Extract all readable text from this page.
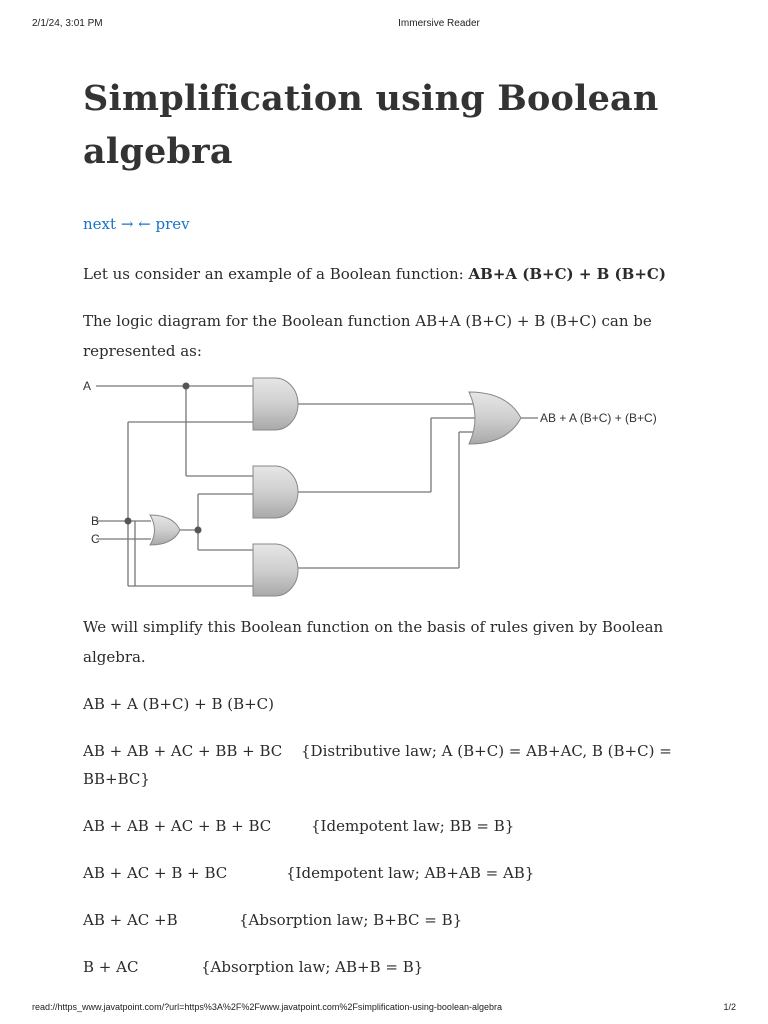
2/1/24, 3:01 PM	Immersive Reader
Simplification using Boolean algebra
next → ← prev

Let us consider an example of a Boolean function: AB+A (B+C) + B (B+C)

The logic diagram for the Boolean function AB+A (B+C) + B (B+C) can be represented as:

A
B
C
AB + A (B+C) + (B+C)

We will simplify this Boolean function on the basis of rules given by Boolean algebra.

AB + A (B+C) + B (B+C)
AB + AB + AC + BB + BC {Distributive law; A (B+C) = AB+AC, B (B+C) = BB+BC}
AB + AB + AC + B + BC	{Idempotent law; BB = B}
AB + AC + B + BC	{Idempotent law; AB+AB = AB}
AB + AC +B	{Absorption law; B+BC = B}
B + AC	{Absorption law; AB+B = B}
read://https_www.javatpoint.com/?url=https%3A%2F%2Fwww.javatpoint.com%2Fsimplification-using-boolean-algebra	1/2
